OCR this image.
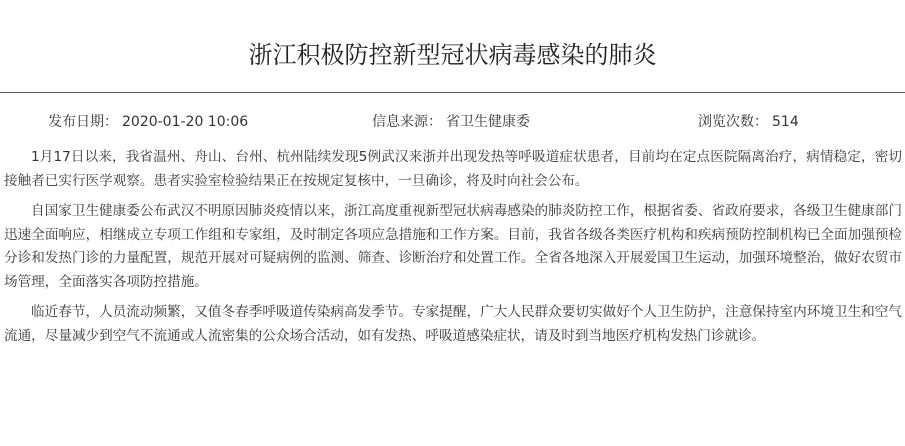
浙江积极防控新型冠状病毒感染的肺炎
发布日期： 2020-01-20 10:06	信息来源： 省卫生健康委	浏览次数： 514

1月17日以来，我省温州、舟山、台州、杭州陆续发现5例武汉来浙并出现发热等呼吸道症状患者，目前均在定点医院隔离治疗，病情稳定，密切接触者已实行医学观察。患者实验室检验结果正在按规定复核中，一旦确诊，将及时向社会公布。

自国家卫生健康委公布武汉不明原因肺炎疫情以来，浙江高度重视新型冠状病毒感染的肺炎防控工作，根据省委、省政府要求，各级卫生健康部门迅速全面响应，相继成立专项工作组和专家组，及时制定各项应急措施和工作方案。目前，我省各级各类医疗机构和疾病预防控制机构已全面加强预检分诊和发热门诊的力量配置，规范开展对可疑病例的监测、筛查、诊断治疗和处置工作。全省各地深入开展爱国卫生运动，加强环境整治，做好农贸市场管理，全面落实各项防控措施。

临近春节，人员流动频繁，又值冬春季呼吸道传染病高发季节。专家提醒，广大人民群众要切实做好个人卫生防护，注意保持室内环境卫生和空气流通，尽量减少到空气不流通或人流密集的公众场合活动，如有发热、呼吸道感染症状，请及时到当地医疗机构发热门诊就诊。
